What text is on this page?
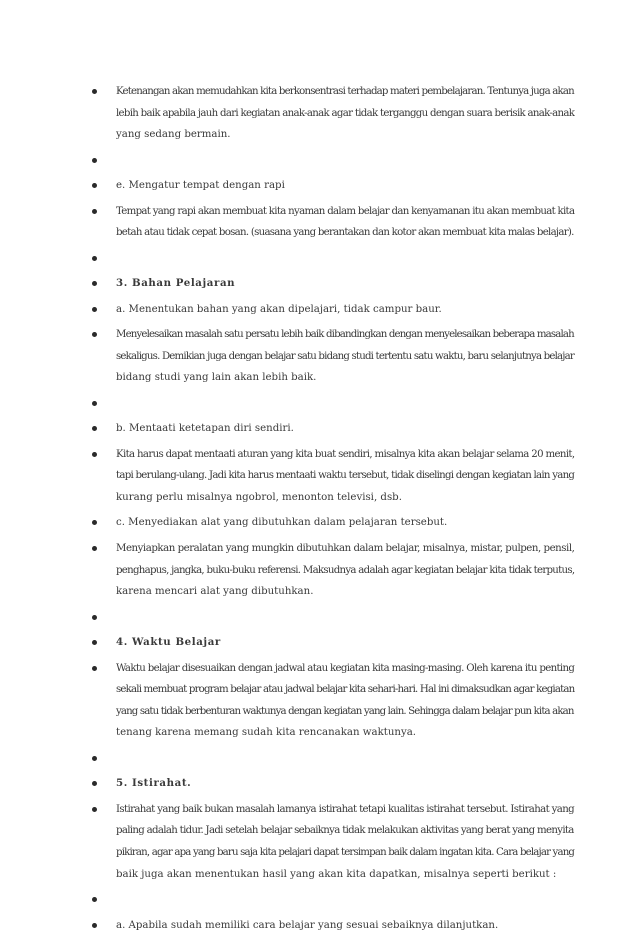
Ketenangan akan memudahkan kita berkonsentrasi terhadap materi pembelajaran. Tentunya juga akan
lebih baik apabila jauh dari kegiatan anak-anak agar tidak terganggu dengan suara berisik anak-anak
yang sedang bermain.
e. Mengatur tempat dengan rapi
Tempat yang rapi akan membuat kita nyaman dalam belajar dan kenyamanan itu akan membuat kita
betah atau tidak cepat bosan. (suasana yang berantakan dan kotor akan membuat kita malas belajar).
3. Bahan Pelajaran
a. Menentukan bahan yang akan dipelajari, tidak campur baur.
Menyelesaikan masalah satu persatu lebih baik dibandingkan dengan menyelesaikan beberapa masalah
sekaligus. Demikian juga dengan belajar satu bidang studi tertentu satu waktu, baru selanjutnya belajar
bidang studi yang lain akan lebih baik.
b. Mentaati ketetapan diri sendiri.
Kita harus dapat mentaati aturan yang kita buat sendiri, misalnya kita akan belajar selama 20 menit,
tapi berulang-ulang. Jadi kita harus mentaati waktu tersebut, tidak diselingi dengan kegiatan lain yang
kurang perlu misalnya ngobrol, menonton televisi, dsb.
c. Menyediakan alat yang dibutuhkan dalam pelajaran tersebut.
Menyiapkan peralatan yang mungkin dibutuhkan dalam belajar, misalnya, mistar, pulpen, pensil,
penghapus, jangka, buku-buku referensi. Maksudnya adalah agar kegiatan belajar kita tidak terputus,
karena mencari alat yang dibutuhkan.
4. Waktu Belajar
Waktu belajar disesuaikan dengan jadwal atau kegiatan kita masing-masing. Oleh karena itu penting
sekali membuat program belajar atau jadwal belajar kita sehari-hari. Hal ini dimaksudkan agar kegiatan
yang satu tidak berbenturan waktunya dengan kegiatan yang lain. Sehingga dalam belajar pun kita akan
tenang karena memang sudah kita rencanakan waktunya.
5. Istirahat.
Istirahat yang baik bukan masalah lamanya istirahat tetapi kualitas istirahat tersebut. Istirahat yang
paling adalah tidur. Jadi setelah belajar sebaiknya tidak melakukan aktivitas yang berat yang menyita
pikiran, agar apa yang baru saja kita pelajari dapat tersimpan baik dalam ingatan kita. Cara belajar yang
baik juga akan menentukan hasil yang akan kita dapatkan, misalnya seperti berikut :
a. Apabila sudah memiliki cara belajar yang sesuai sebaiknya dilanjutkan.
